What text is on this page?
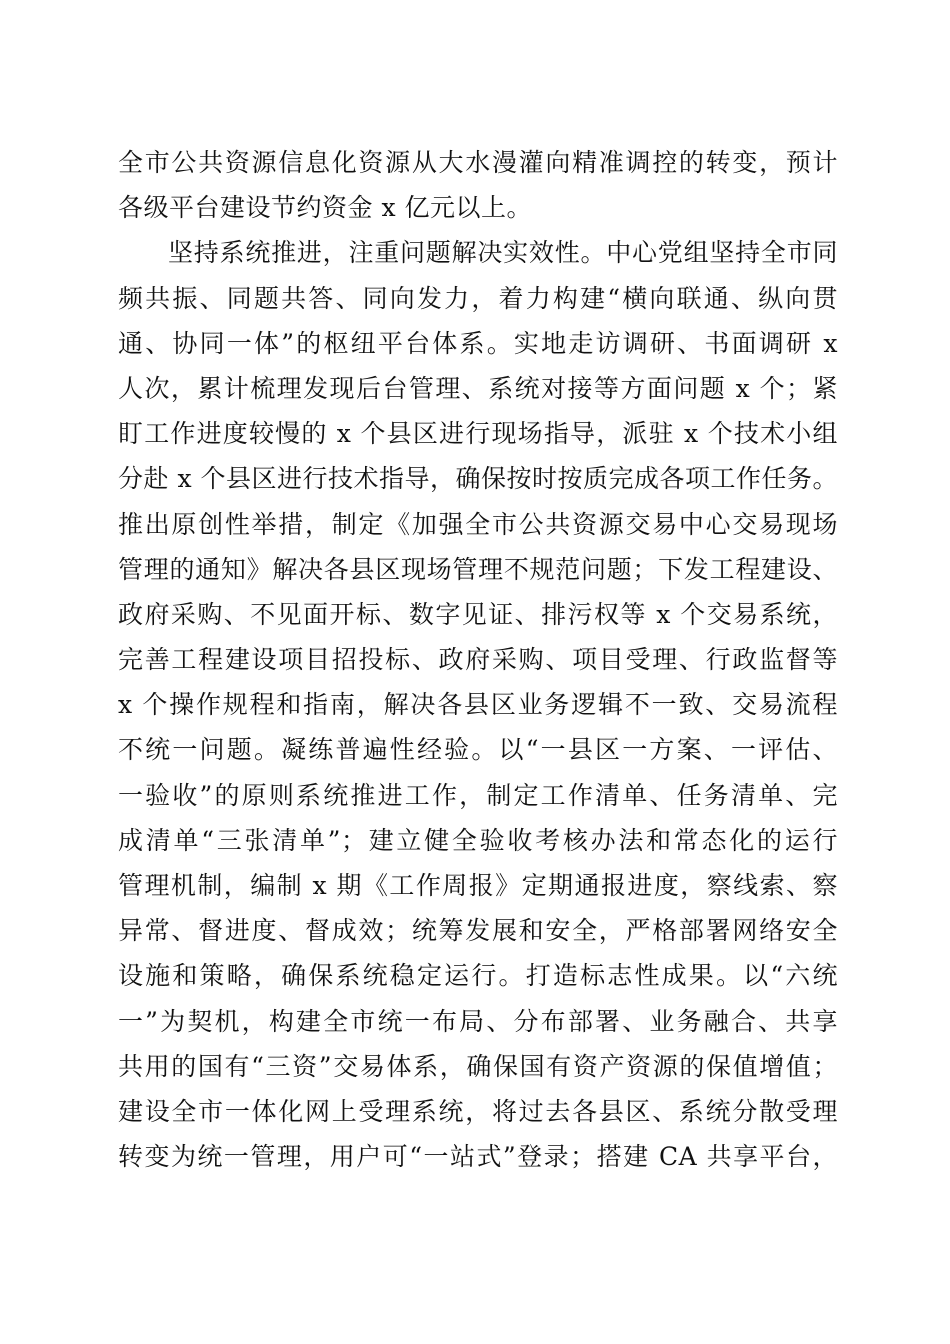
全市公共资源信息化资源从大水漫灌向精准调控的转变，预计
各级平台建设节约资金 x 亿元以上。
坚持系统推进，注重问题解决实效性。中心党组坚持全市同
频共振、同题共答、同向发力，着力构建“横向联通、纵向贯
通、协同一体”的枢纽平台体系。实地走访调研、书面调研 x
人次，累计梳理发现后台管理、系统对接等方面问题 x 个；紧
盯工作进度较慢的 x 个县区进行现场指导，派驻 x 个技术小组
分赴 x 个县区进行技术指导，确保按时按质完成各项工作任务。
推出原创性举措，制定《加强全市公共资源交易中心交易现场
管理的通知》解决各县区现场管理不规范问题；下发工程建设、
政府采购、不见面开标、数字见证、排污权等 x 个交易系统，
完善工程建设项目招投标、政府采购、项目受理、行政监督等
x 个操作规程和指南，解决各县区业务逻辑不一致、交易流程
不统一问题。凝练普遍性经验。以“一县区一方案、一评估、
一验收”的原则系统推进工作，制定工作清单、任务清单、完
成清单“三张清单”；建立健全验收考核办法和常态化的运行
管理机制，编制 x 期《工作周报》定期通报进度，察线索、察
异常、督进度、督成效；统筹发展和安全，严格部署网络安全
设施和策略，确保系统稳定运行。打造标志性成果。以“六统
一”为契机，构建全市统一布局、分布部署、业务融合、共享
共用的国有“三资”交易体系，确保国有资产资源的保值增值；
建设全市一体化网上受理系统，将过去各县区、系统分散受理
转变为统一管理，用户可“一站式”登录；搭建 CA 共享平台，
